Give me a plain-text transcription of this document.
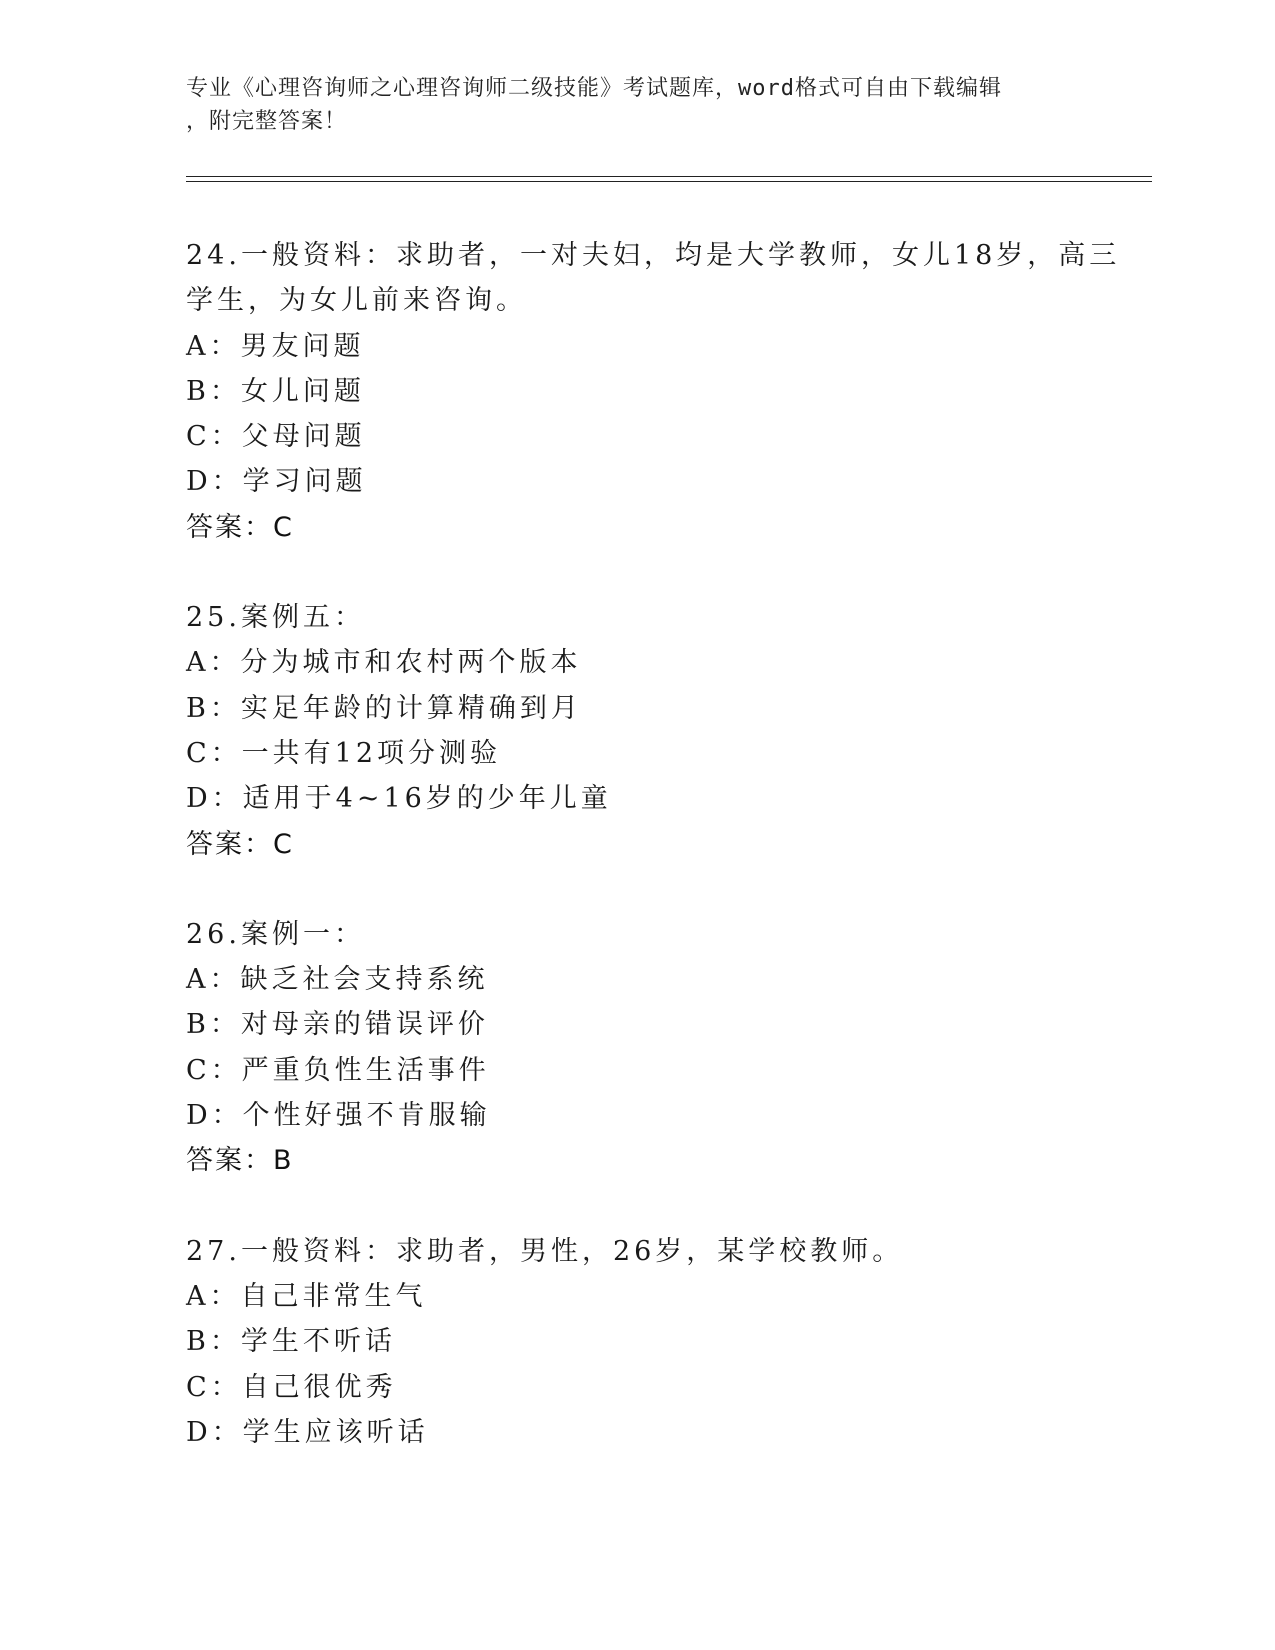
专业《心理咨询师之心理咨询师二级技能》考试题库，word格式可自由下载编辑
，附完整答案！
24.一般资料：求助者，一对夫妇，均是大学教师，女儿18岁，高三
学生，为女儿前来咨询。
A：男友问题
B：女儿问题
C：父母问题
D：学习问题
答案：C
25.案例五：
A：分为城市和农村两个版本
B：实足年龄的计算精确到月
C：一共有12项分测验
D：适用于4~16岁的少年儿童
答案：C
26.案例一：
A：缺乏社会支持系统
B：对母亲的错误评价
C：严重负性生活事件
D：个性好强不肯服输
答案：B
27.一般资料：求助者，男性，26岁，某学校教师。
A：自己非常生气
B：学生不听话
C：自己很优秀
D：学生应该听话
